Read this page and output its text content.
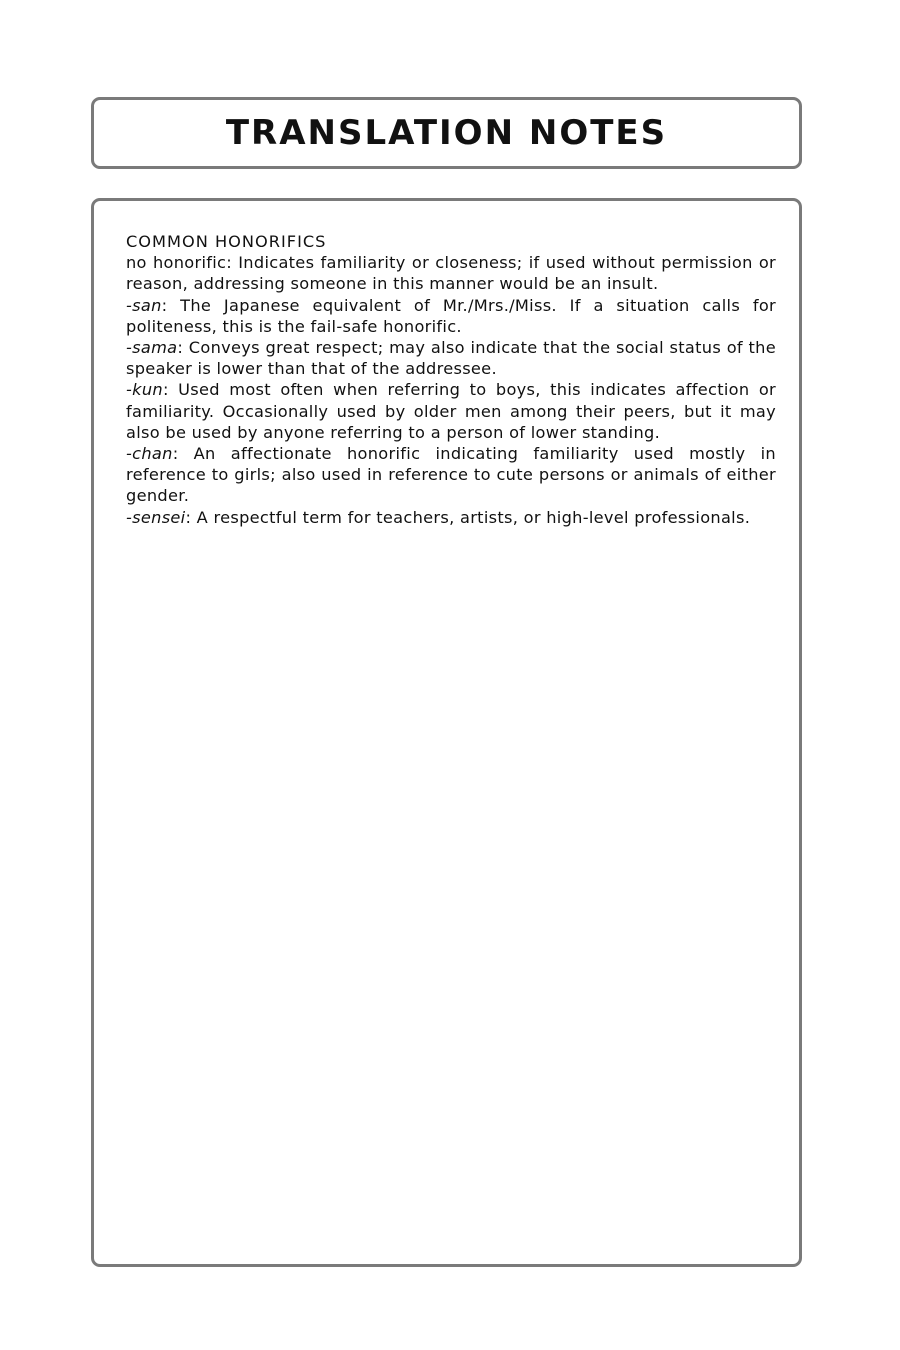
TRANSLATION NOTES

COMMON HONORIFICS

no honorific: Indicates familiarity or closeness; if used without permission or reason, addressing someone in this manner would be an insult.

-san: The Japanese equivalent of Mr./Mrs./Miss. If a situation calls for politeness, this is the fail-safe honorific.

-sama: Conveys great respect; may also indicate that the social status of the speaker is lower than that of the addressee.

-kun: Used most often when referring to boys, this indicates affection or familiarity. Occasionally used by older men among their peers, but it may also be used by anyone referring to a person of lower standing.

-chan: An affectionate honorific indicating familiarity used mostly in reference to girls; also used in reference to cute persons or animals of either gender.

-sensei: A respectful term for teachers, artists, or high-level professionals.
